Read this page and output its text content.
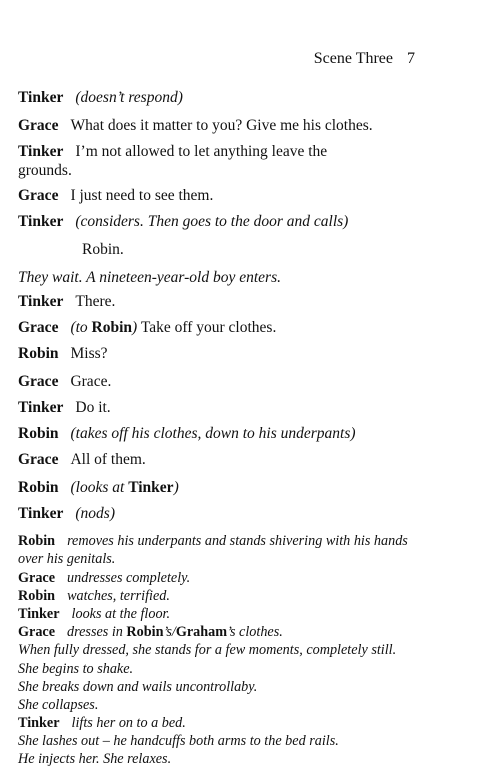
Scene Three 7
Tinker (doesn’t respond)
Grace What does it matter to you? Give me his clothes.
Tinker I’m not allowed to let anything leave the
grounds.
Grace I just need to see them.
Tinker (considers. Then goes to the door and calls)
Robin.
They wait. A nineteen-year-old boy enters.
Tinker There.
Grace (to Robin) Take off your clothes.
Robin Miss?
Grace Grace.
Tinker Do it.
Robin (takes off his clothes, down to his underpants)
Grace All of them.
Robin (looks at Tinker)
Tinker (nods)
Robin removes his underpants and stands shivering with his hands
over his genitals.
Grace undresses completely.
Robin watches, terrified.
Tinker looks at the floor.
Grace dresses in Robin’s/Graham’s clothes.
When fully dressed, she stands for a few moments, completely still.
She begins to shake.
She breaks down and wails uncontrollaby.
She collapses.
Tinker lifts her on to a bed.
She lashes out – he handcuffs both arms to the bed rails.
He injects her. She relaxes.
